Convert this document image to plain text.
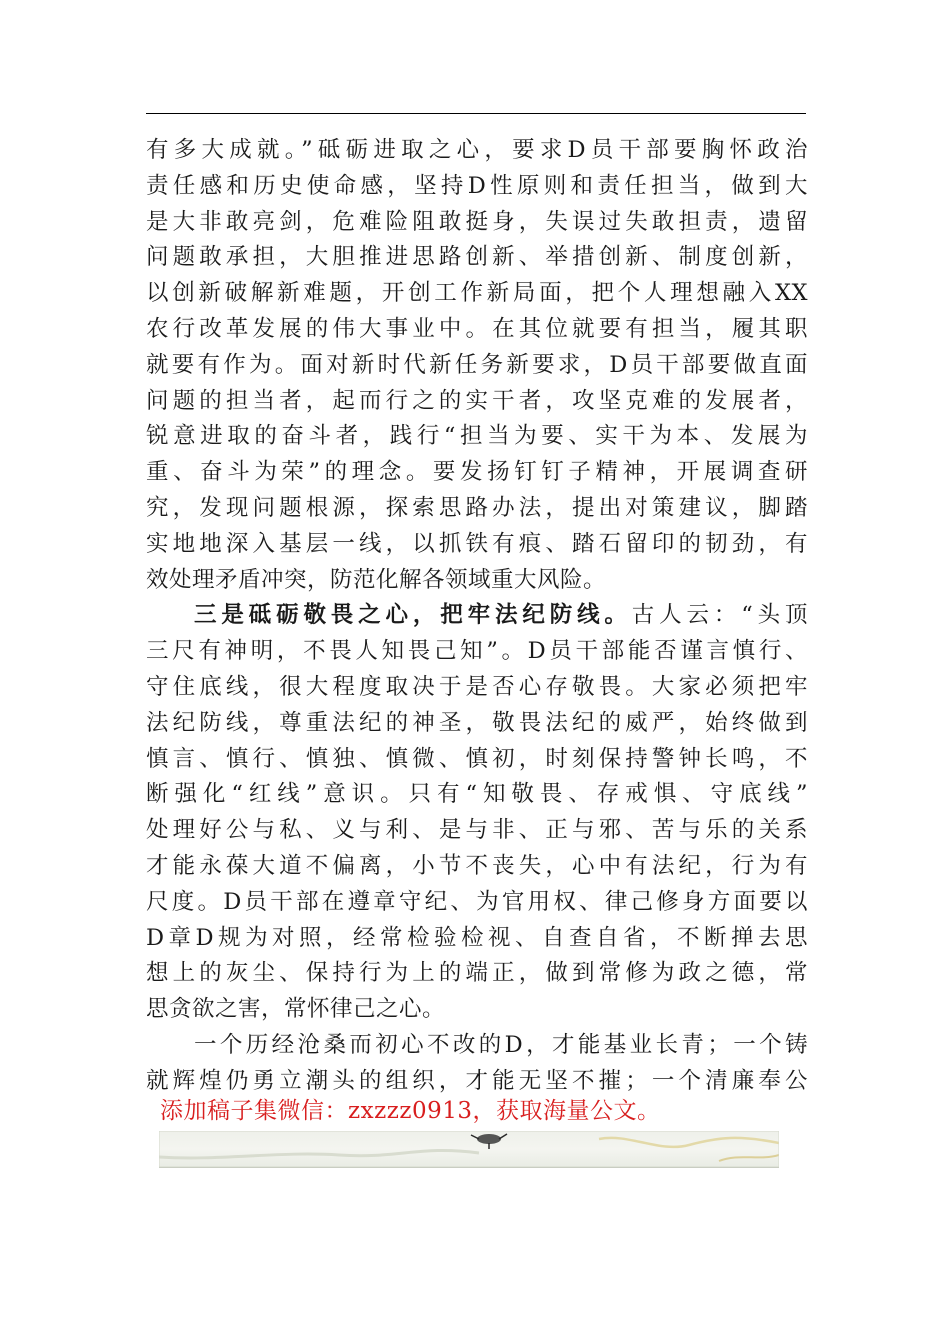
有多大成就。”砥砺进取之心，要求D员干部要胸怀政治
责任感和历史使命感，坚持D性原则和责任担当，做到大
是大非敢亮剑，危难险阻敢挺身，失误过失敢担责，遗留
问题敢承担，大胆推进思路创新、举措创新、制度创新，
以创新破解新难题，开创工作新局面，把个人理想融入XX
农行改革发展的伟大事业中。在其位就要有担当，履其职
就要有作为。面对新时代新任务新要求，D员干部要做直面
问题的担当者，起而行之的实干者，攻坚克难的发展者，
锐意进取的奋斗者，践行“担当为要、实干为本、发展为
重、奋斗为荣”的理念。要发扬钉钉子精神，开展调查研
究，发现问题根源，探索思路办法，提出对策建议，脚踏
实地地深入基层一线，以抓铁有痕、踏石留印的韧劲，有
效处理矛盾冲突，防范化解各领域重大风险。
三是砥砺敬畏之心，把牢法纪防线。古人云：“头顶
三尺有神明，不畏人知畏己知”。D员干部能否谨言慎行、
守住底线，很大程度取决于是否心存敬畏。大家必须把牢
法纪防线，尊重法纪的神圣，敬畏法纪的威严，始终做到
慎言、慎行、慎独、慎微、慎初，时刻保持警钟长鸣，不
断强化“红线”意识。只有“知敬畏、存戒惧、守底线”
处理好公与私、义与利、是与非、正与邪、苦与乐的关系
才能永葆大道不偏离，小节不丧失，心中有法纪，行为有
尺度。D员干部在遵章守纪、为官用权、律己修身方面要以
D章D规为对照，经常检验检视、自查自省，不断掸去思
想上的灰尘、保持行为上的端正，做到常修为政之德，常
思贪欲之害，常怀律己之心。
一个历经沧桑而初心不改的D，才能基业长青；一个铸
就辉煌仍勇立潮头的组织，才能无坚不摧；一个清廉奉公
添加稿子集微信：zxzzz0913，获取海量公文。
